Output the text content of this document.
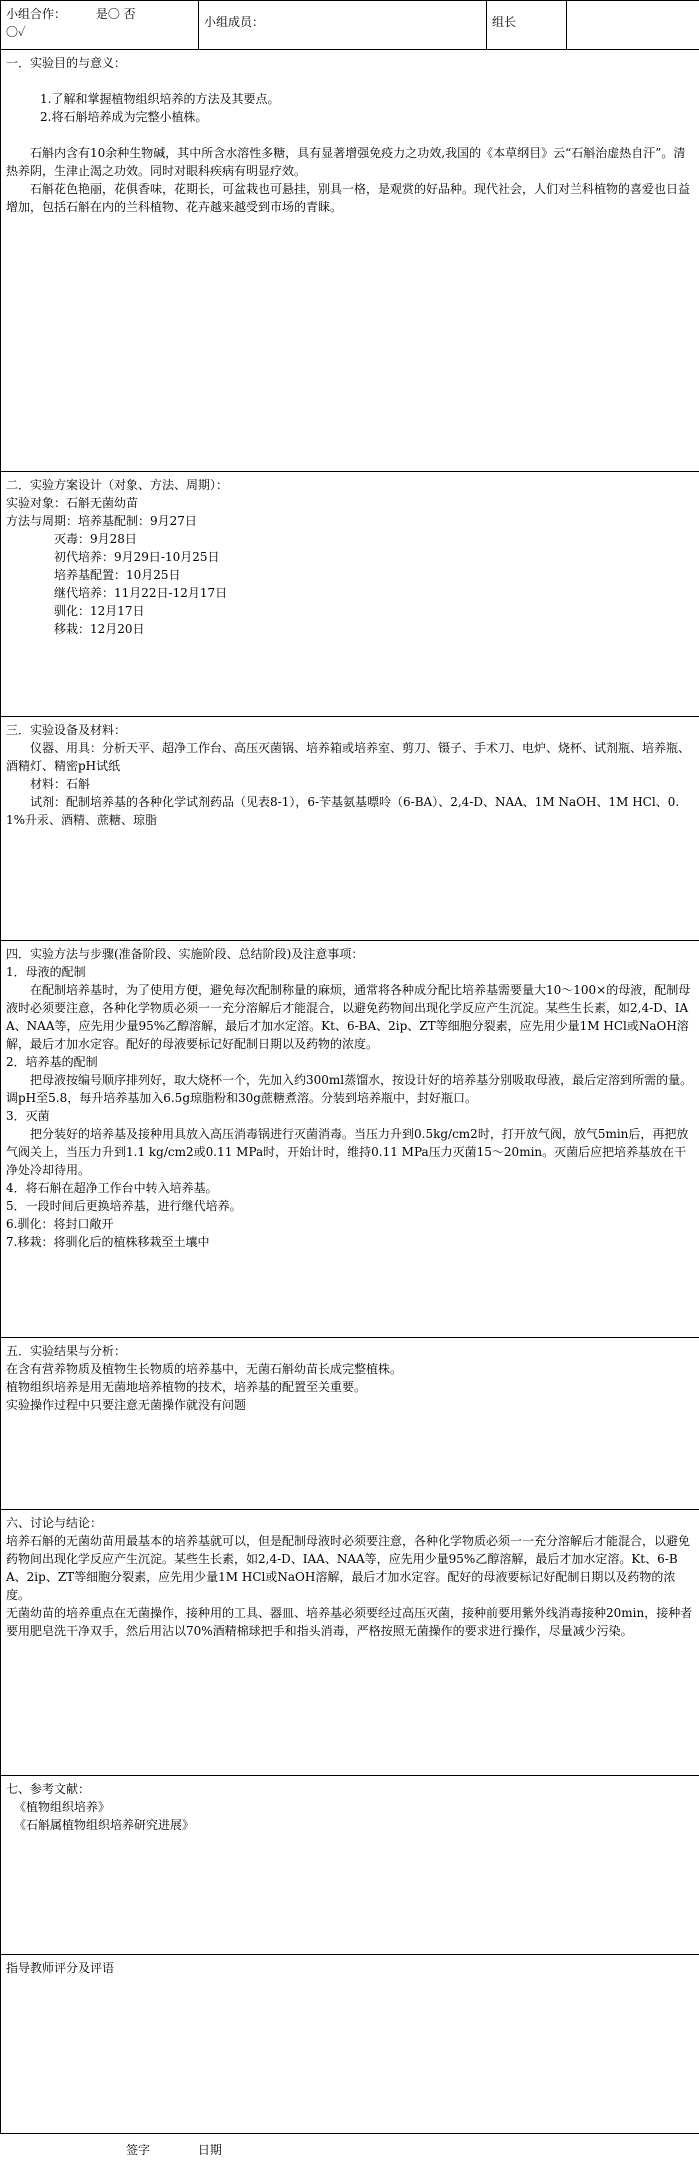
小组合作： 是〇 否
〇✓	
小组成员：	组长

一．实验目的与意义：

1.了解和掌握植物组织培养的方法及其要点。
2.将石斛培养成为完整小植株。

石斛内含有10余种生物碱，其中所含水溶性多糖，具有显著增强免疫力之功效,我国的《本草纲目》云“石斛治虚热自汗”。清热养阴，生津止渴之功效。同时对眼科疾病有明显疗效。

石斛花色艳丽，花俱香味，花期长，可盆栽也可悬挂，别具一格，是观赏的好品种。现代社会，人们对兰科植物的喜爱也日益增加，包括石斛在内的兰科植物、花卉越来越受到市场的青睐。

二．实验方案设计（对象、方法、周期）：
实验对象：石斛无菌幼苗
方法与周期：培养基配制：9月27日
灭毒：9月28日
初代培养：9月29日-10月25日
培养基配置：10月25日
继代培养：11月22日-12月17日
驯化：12月17日
移栽：12月20日

三．实验设备及材料：

仪器、用具：分析天平、超净工作台、高压灭菌锅、培养箱或培养室、剪刀、镊子、手术刀、电炉、烧杯、试剂瓶、培养瓶、酒精灯、精密pH试纸

材料：石斛

试剂：配制培养基的各种化学试剂药品（见表8-1），6-苄基氨基嘌呤（6-BA）、2,4-D、NAA、1M NaOH、1M HCl、0.1%升汞、酒精、蔗糖、琼脂

四．实验方法与步骤(准备阶段、实施阶段、总结阶段)及注意事项：
1．母液的配制

在配制培养基时，为了使用方便，避免每次配制称量的麻烦，通常将各种成分配比培养基需要量大10～100×的母液，配制母液时必须要注意，各种化学物质必须一一充分溶解后才能混合，以避免药物间出现化学反应产生沉淀。某些生长素，如2,4-D、IAA、NAA等，应先用少量95%乙醇溶解，最后才加水定溶。Kt、6-BA、2ip、ZT等细胞分裂素，应先用少量1M HCl或NaOH溶解，最后才加水定容。配好的母液要标记好配制日期以及药物的浓度。

2．培养基的配制

把母液按编号顺序排列好，取大烧杯一个，先加入约300ml蒸馏水，按设计好的培养基分别吸取母液，最后定溶到所需的量。调pH至5.8，每升培养基加入6.5g琼脂粉和30g蔗糖煮溶。分装到培养瓶中，封好瓶口。

3．灭菌

把分装好的培养基及接种用具放入高压消毒锅进行灭菌消毒。当压力升到0.5kg/cm2时，打开放气阀，放气5min后，再把放气阀关上，当压力升到1.1 kg/cm2或0.11 MPa时，开始计时，维持0.11 MPa压力灭菌15～20min。灭菌后应把培养基放在干净处冷却待用。

4．将石斛在超净工作台中转入培养基。
5．一段时间后更换培养基，进行继代培养。
6.驯化：将封口敞开
7.移栽：将驯化后的植株移栽至土壤中

五．实验结果与分析：
在含有营养物质及植物生长物质的培养基中，无菌石斛幼苗长成完整植株。
植物组织培养是用无菌地培养植物的技术，培养基的配置至关重要。
实验操作过程中只要注意无菌操作就没有问题

六、讨论与结论：

培养石斛的无菌幼苗用最基本的培养基就可以，但是配制母液时必须要注意，各种化学物质必须一一充分溶解后才能混合，以避免药物间出现化学反应产生沉淀。某些生长素，如2,4-D、IAA、NAA等，应先用少量95%乙醇溶解，最后才加水定溶。Kt、6-BA、2ip、ZT等细胞分裂素，应先用少量1M HCl或NaOH溶解，最后才加水定容。配好的母液要标记好配制日期以及药物的浓度。

无菌幼苗的培养重点在无菌操作，接种用的工具、器皿、培养基必须要经过高压灭菌，接种前要用紫外线消毒接种20min，接种者要用肥皂洗干净双手，然后用沾以70%酒精棉球把手和指头消毒，严格按照无菌操作的要求进行操作，尽量减少污染。

七、参考文献：
《植物组织培养》
《石斛属植物组织培养研究进展》

指导教师评分及评语
签字	日期
